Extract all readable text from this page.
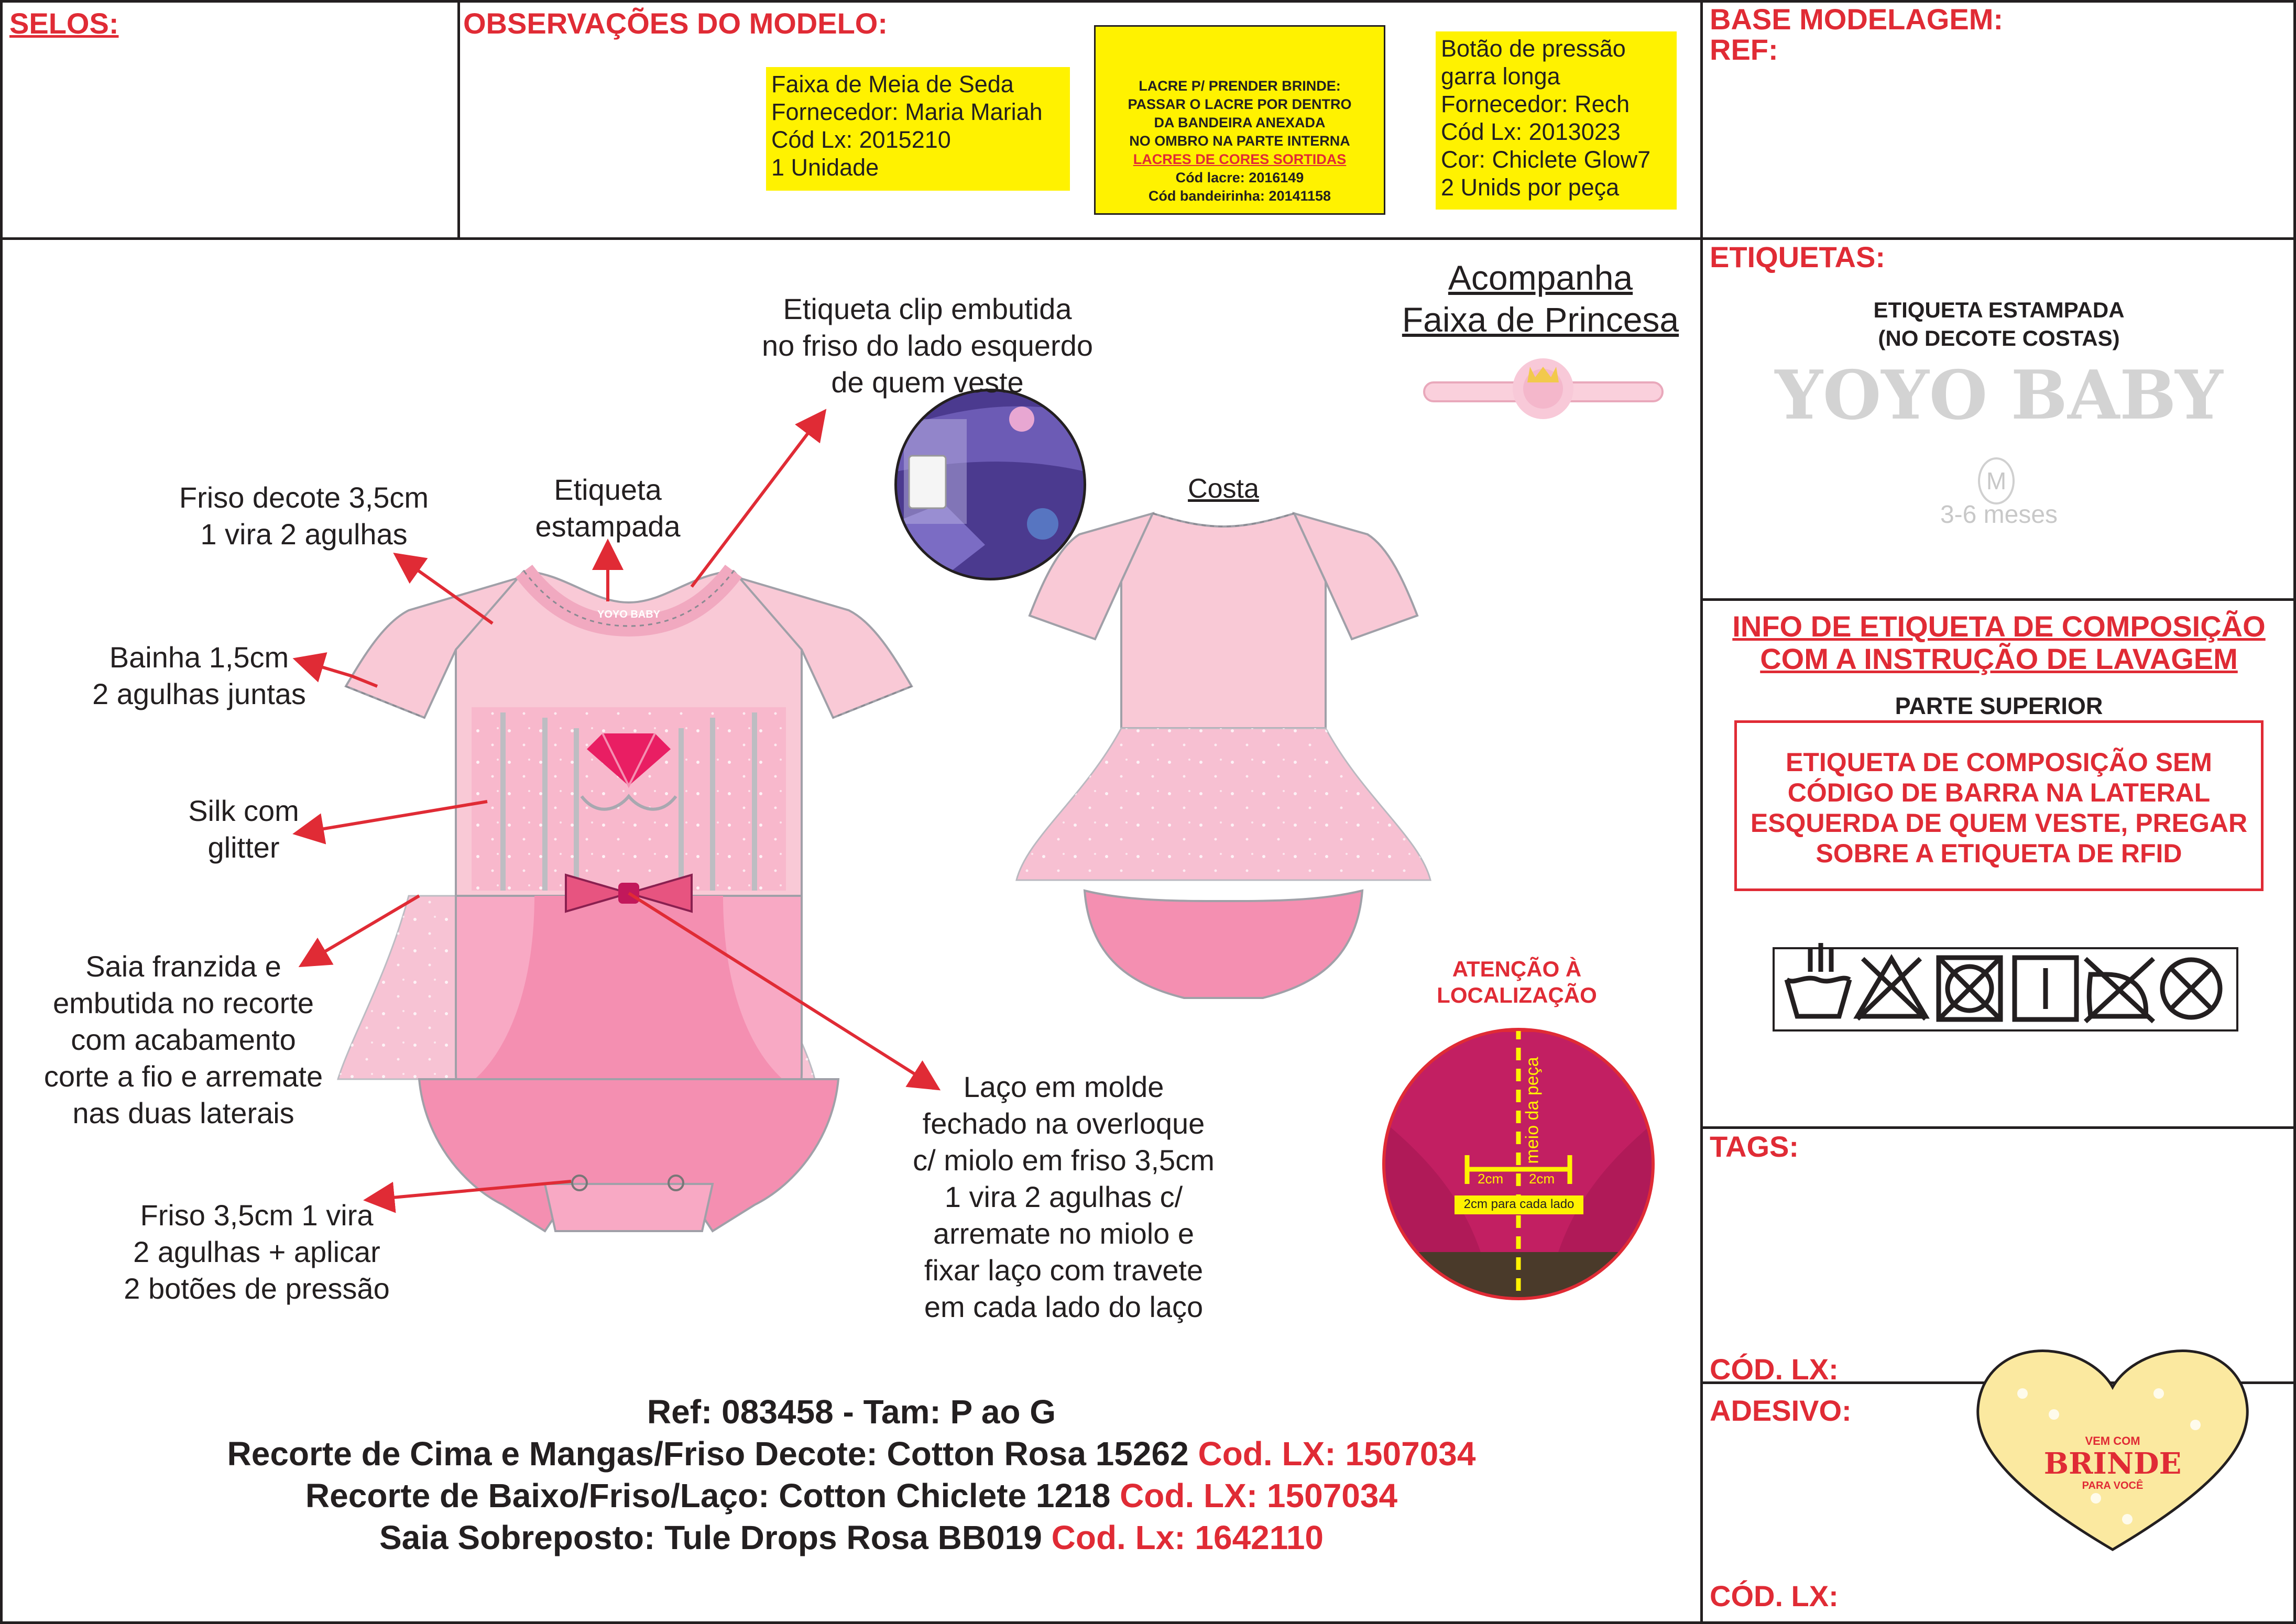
SELOS:	OBSERVAÇÕES DO MODELO:	BASE MODELAGEM:
REF:
Faixa de Meia de Seda
Fornecedor: Maria Mariah
Cód Lx: 2015210
1 Unidade
LACRE P/ PRENDER BRINDE:
PASSAR O LACRE POR DENTRO
DA BANDEIRA ANEXADA
NO OMBRO NA PARTE INTERNA
LACRES DE CORES SORTIDAS
Cód lacre: 2016149
Cód bandeirinha: 20141158
Botão de pressão
garra longa
Fornecedor: Rech
Cód Lx: 2013023
Cor: Chiclete Glow7
2 Unids por peça
Etiqueta clip embutida
no friso do lado esquerdo
de quem veste
Friso decote 3,5cm
1 vira 2 agulhas
Etiqueta
estampada
Bainha 1,5cm
2 agulhas juntas
Silk com
glitter
Saia franzida e
embutida no recorte
com acabamento
corte a fio e arremate
nas duas laterais
Friso 3,5cm 1 vira
2 agulhas + aplicar
2 botões de pressão
Laço em molde
fechado na overloque
c/ miolo em friso 3,5cm
1 vira 2 agulhas c/
arremate no miolo e
fixar laço com travete
em cada lado do laço
Acompanha
Faixa de Princesa
Costa
ATENÇÃO À
LOCALIZAÇÃO
meio da peça
2cm 2cm
2cm para cada lado
YOYO BABY
Ref: 083458 - Tam: P ao G
Recorte de Cima e Mangas/Friso Decote: Cotton Rosa 15262 Cod. LX: 1507034
Recorte de Baixo/Friso/Laço: Cotton Chiclete 1218 Cod. LX: 1507034
Saia Sobreposto: Tule Drops Rosa BB019 Cod. Lx: 1642110
ETIQUETAS:
ETIQUETA ESTAMPADA
(NO DECOTE COSTAS)
YOYO BABY
M
3-6 meses
INFO DE ETIQUETA DE COMPOSIÇÃO
COM A INSTRUÇÃO DE LAVAGEM
PARTE SUPERIOR
ETIQUETA DE COMPOSIÇÃO SEM
CÓDIGO DE BARRA NA LATERAL
ESQUERDA DE QUEM VESTE, PREGAR
SOBRE A ETIQUETA DE RFID
TAGS:
CÓD. LX:
ADESIVO:
VEM COM
BRINDE
PARA VOCÊ
CÓD. LX:
